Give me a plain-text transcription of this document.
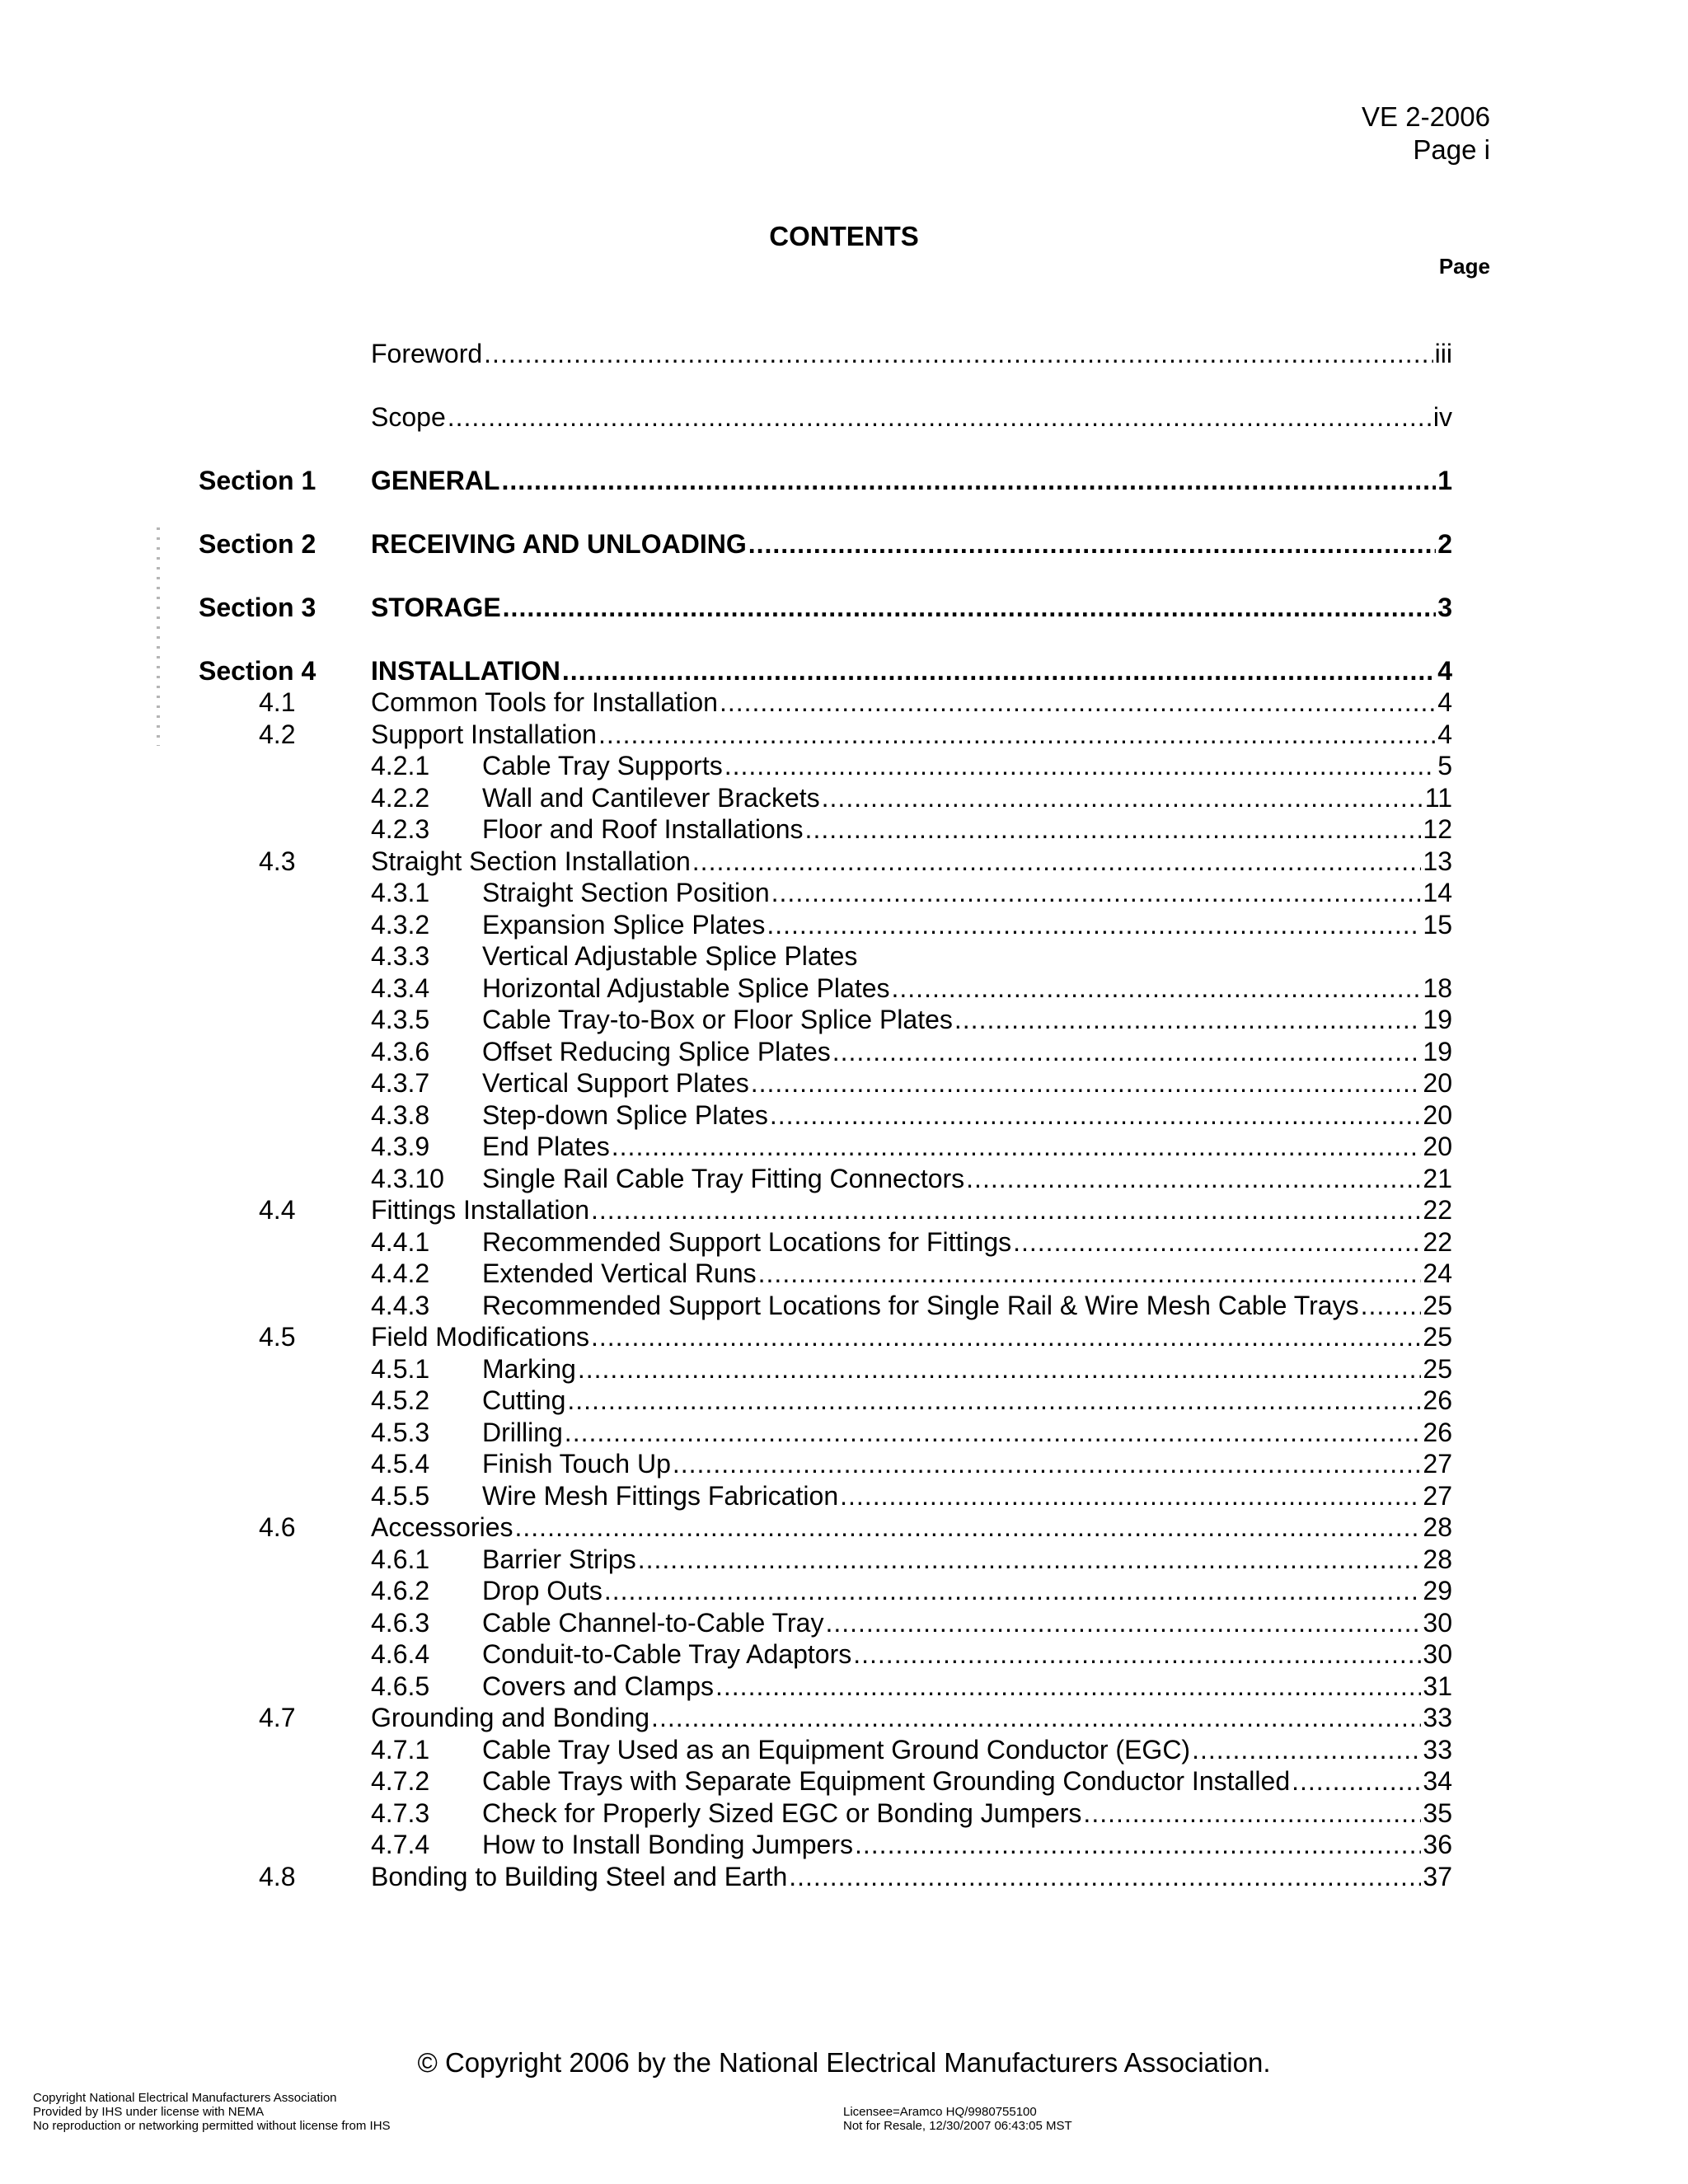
VE 2-2006
Page i
CONTENTS
Page
Foreword .....	iii
Scope .....	iv
Section 1 GENERAL .....	1
Section 2 RECEIVING AND UNLOADING .....	2
Section 3 STORAGE .....	3
Section 4 INSTALLATION .....	4
4.1	Common Tools for Installation .....	4
4.2	Support Installation .....	4
4.2.1 Cable Tray Supports .....	5
4.2.2 Wall and Cantilever Brackets .....	11
4.2.3 Floor and Roof Installations .....	12
4.3	Straight Section Installation .....	13
4.3.1 Straight Section Position .....	14
4.3.2 Expansion Splice Plates .....	15
4.3.3 Vertical Adjustable Splice Plates
4.3.4 Horizontal Adjustable Splice Plates .....	18
4.3.5 Cable Tray-to-Box or Floor Splice Plates .....	19
4.3.6 Offset Reducing Splice Plates .....	19
4.3.7 Vertical Support Plates .....	20
4.3.8 Step-down Splice Plates .....	20
4.3.9 End Plates .....	20
4.3.10 Single Rail Cable Tray Fitting Connectors .....	21
4.4	Fittings Installation .....	22
4.4.1 Recommended Support Locations for Fittings .....	22
4.4.2 Extended Vertical Runs .....	24
4.4.3 Recommended Support Locations for Single Rail & Wire Mesh Cable Trays ..... 25
4.5	Field Modifications .....	25
4.5.1 Marking .....	25
4.5.2 Cutting .....	26
4.5.3 Drilling .....	26
4.5.4 Finish Touch Up .....	27
4.5.5 Wire Mesh Fittings Fabrication .....	27
4.6	Accessories .....	28
4.6.1 Barrier Strips .....	28
4.6.2 Drop Outs .....	29
4.6.3 Cable Channel-to-Cable Tray .....	30
4.6.4 Conduit-to-Cable Tray Adaptors .....	30
4.6.5 Covers and Clamps .....	31
4.7	Grounding and Bonding .....	33
4.7.1 Cable Tray Used as an Equipment Ground Conductor (EGC) .....	33
4.7.2 Cable Trays with Separate Equipment Grounding Conductor Installed .....	34
4.7.3 Check for Properly Sized EGC or Bonding Jumpers .....	35
4.7.4 How to Install Bonding Jumpers .....	36
4.8	Bonding to Building Steel and Earth .....	37
© Copyright 2006 by the National Electrical Manufacturers Association.
Copyright National Electrical Manufacturers Association
Provided by IHS under license with NEMA
No reproduction or networking permitted without license from IHS
Licensee=Aramco HQ/9980755100
Not for Resale, 12/30/2007 06:43:05 MST
